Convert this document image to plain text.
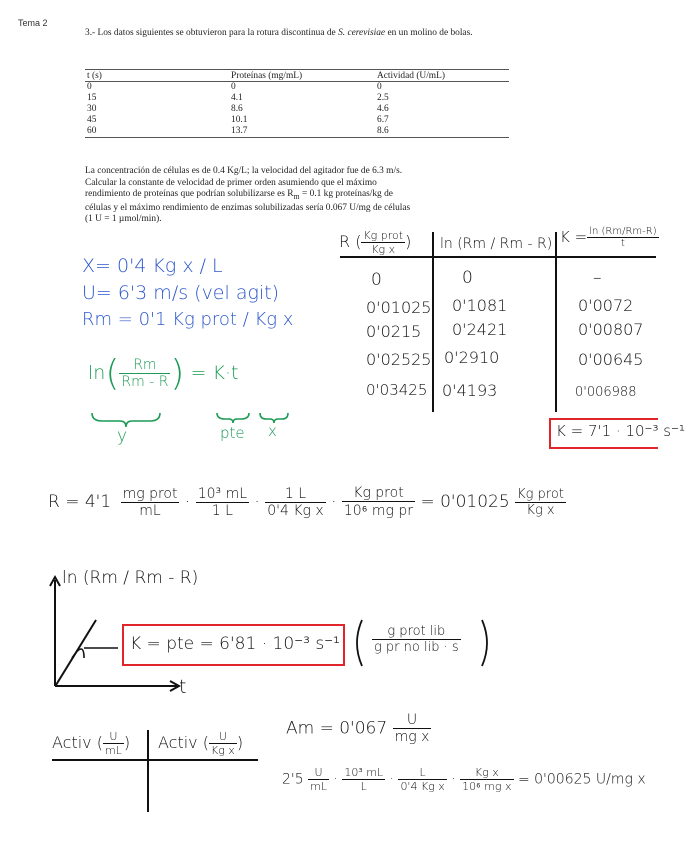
Tema 2

3.- Los datos siguientes se obtuvieron para la rotura discontinua de S. cerevisiae en un molino de bolas.

t (s)	Proteínas (mg/mL)	Actividad (U/mL)
0	0	0
15	4.1	2.5
30	8.6	4.6
45	10.1	6.7
60	13.7	8.6

La concentración de células es de 0.4 Kg/L; la velocidad del agitador fue de 6.3 m/s.

Calcular la constante de velocidad de primer orden asumiendo que el máximo

rendimiento de proteínas que podrían solubilizarse es $R_m = 0.1$ kg proteínas/kg de

células y el máximo rendimiento de enzimas solubilizadas sería 0.067 U/mg de células

(1 U = 1 µmol/min).

X= 0'4 Kg x / L
U= 6'3 m/s (vel agit)
Rm = 0'1 Kg prot / Kg x
$\ln( \frac{Rm}{Rm - R}$ ) = K·t
y	pte x
R ( $\frac{\text{Kg prot}}{\text{Kg x}}$ ) ln (Rm / Rm - R) $K = \frac{\ln (Rm/Rm-R)}{t}$
0	0	–
0'01025 0'1081	0'0072
0'0215 0'2421	0'00807
0'02525 0'2910	0'00645
0'03425 0'4193	0'006988
K = 7'1 · 10⁻³ s⁻¹
$R = 4'1 \frac{\text{mg prot}}{mL} \cdot \frac{\text{10³ mL}}{1 L} \cdot \frac{1 L}{\text{0'4 Kg x}} \cdot \frac{\text{Kg prot}}{\text{10⁶ mg pr}} = 0'01025 \frac{\text{Kg prot}}{\text{Kg x}}$
ln (Rm / Rm - R)
t
K = pte = 6'81 · 10⁻³ $s^{-1} \frac{\text{g prot lib}}{\text{g pr no lib · s}}$
Activ ( $\frac{U}{mL}$ ) Activ ( $\frac{U}{\text{Kg x}}$ )
$Am = 0'067 \frac{U}{\text{mg x}}$
$2'5 \frac{U}{mL} \cdot \frac{\text{10³ mL}}{L} \cdot \frac{L}{\text{0'4 Kg x}} \cdot \frac{\text{Kg x}}{\text{10⁶ mg x}} = 0'00625$ U/mg x
